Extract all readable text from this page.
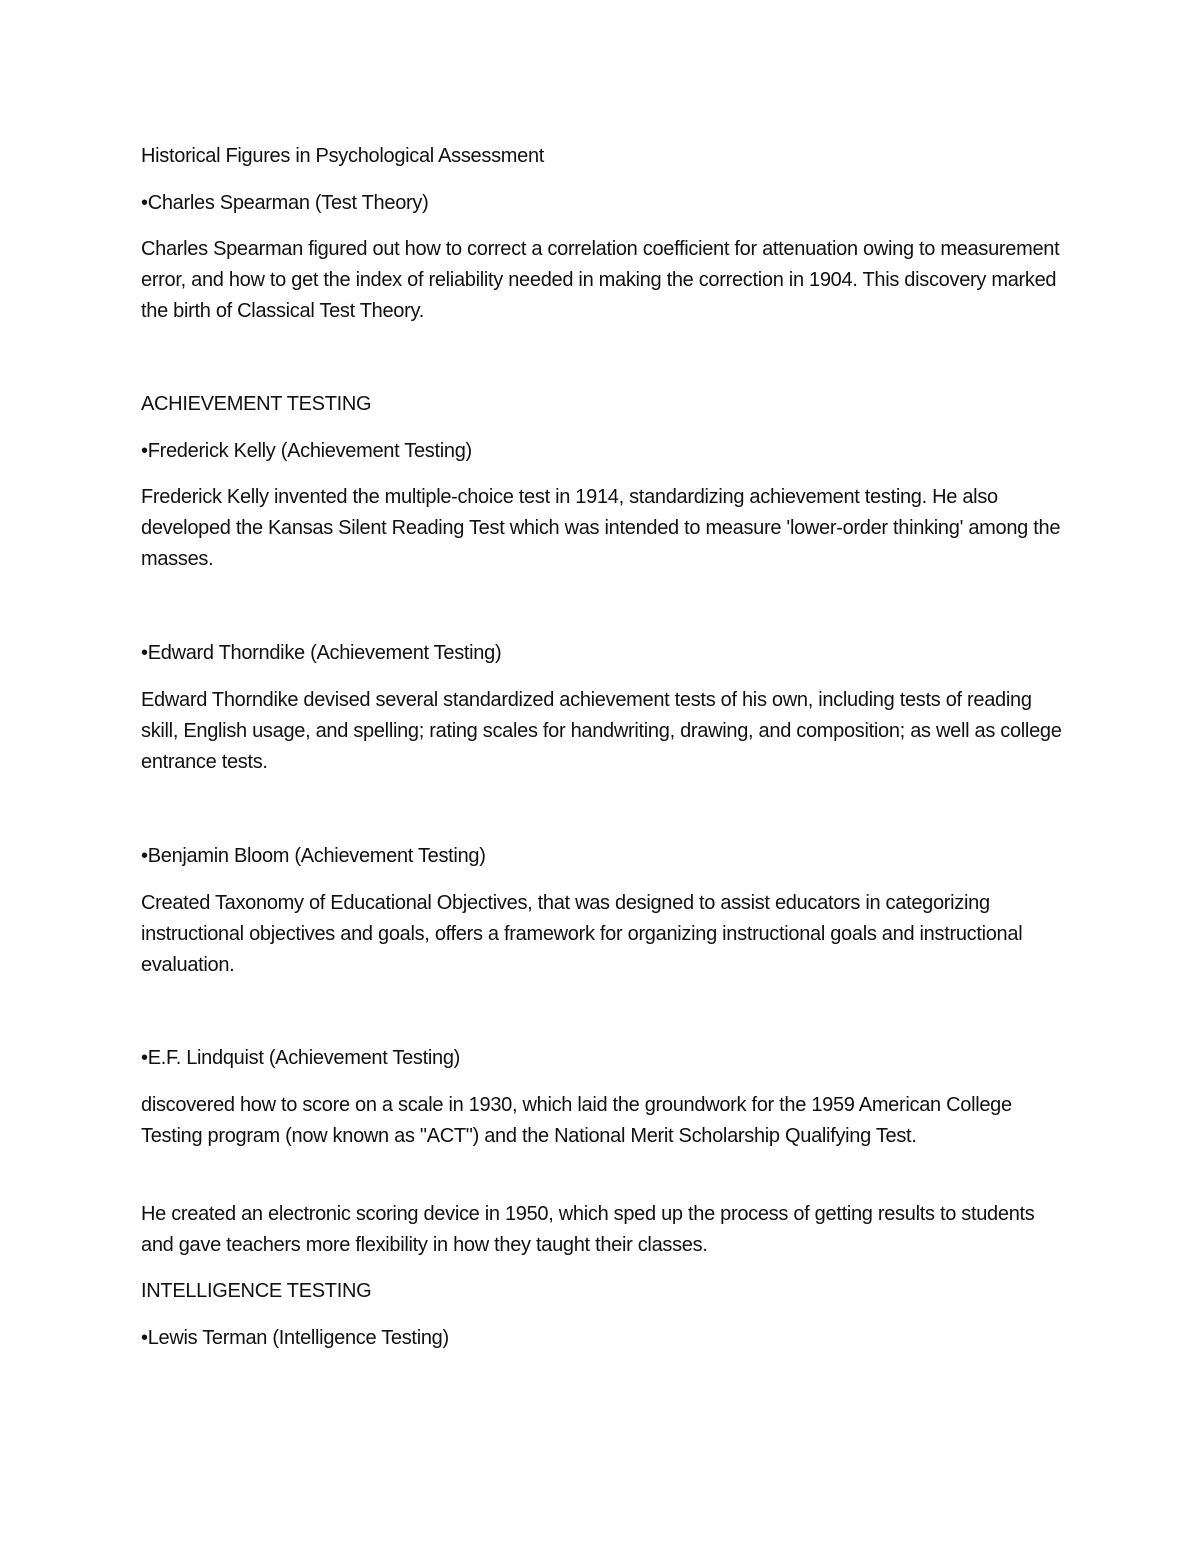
Historical Figures in Psychological Assessment

•Charles Spearman (Test Theory)

Charles Spearman figured out how to correct a correlation coefficient for attenuation owing to measurement error, and how to get the index of reliability needed in making the correction in 1904. This discovery marked the birth of Classical Test Theory.

ACHIEVEMENT TESTING

•Frederick Kelly (Achievement Testing)

Frederick Kelly invented the multiple-choice test in 1914, standardizing achievement testing. He also developed the Kansas Silent Reading Test which was intended to measure 'lower-order thinking' among the masses.

•Edward Thorndike (Achievement Testing)

Edward Thorndike devised several standardized achievement tests of his own, including tests of reading skill, English usage, and spelling; rating scales for handwriting, drawing, and composition; as well as college entrance tests.

•Benjamin Bloom (Achievement Testing)

Created Taxonomy of Educational Objectives, that was designed to assist educators in categorizing instructional objectives and goals, offers a framework for organizing instructional goals and instructional evaluation.

•E.F. Lindquist (Achievement Testing)

discovered how to score on a scale in 1930, which laid the groundwork for the 1959 American College Testing program (now known as "ACT") and the National Merit Scholarship Qualifying Test.

He created an electronic scoring device in 1950, which sped up the process of getting results to students and gave teachers more flexibility in how they taught their classes.

INTELLIGENCE TESTING

•Lewis Terman (Intelligence Testing)
